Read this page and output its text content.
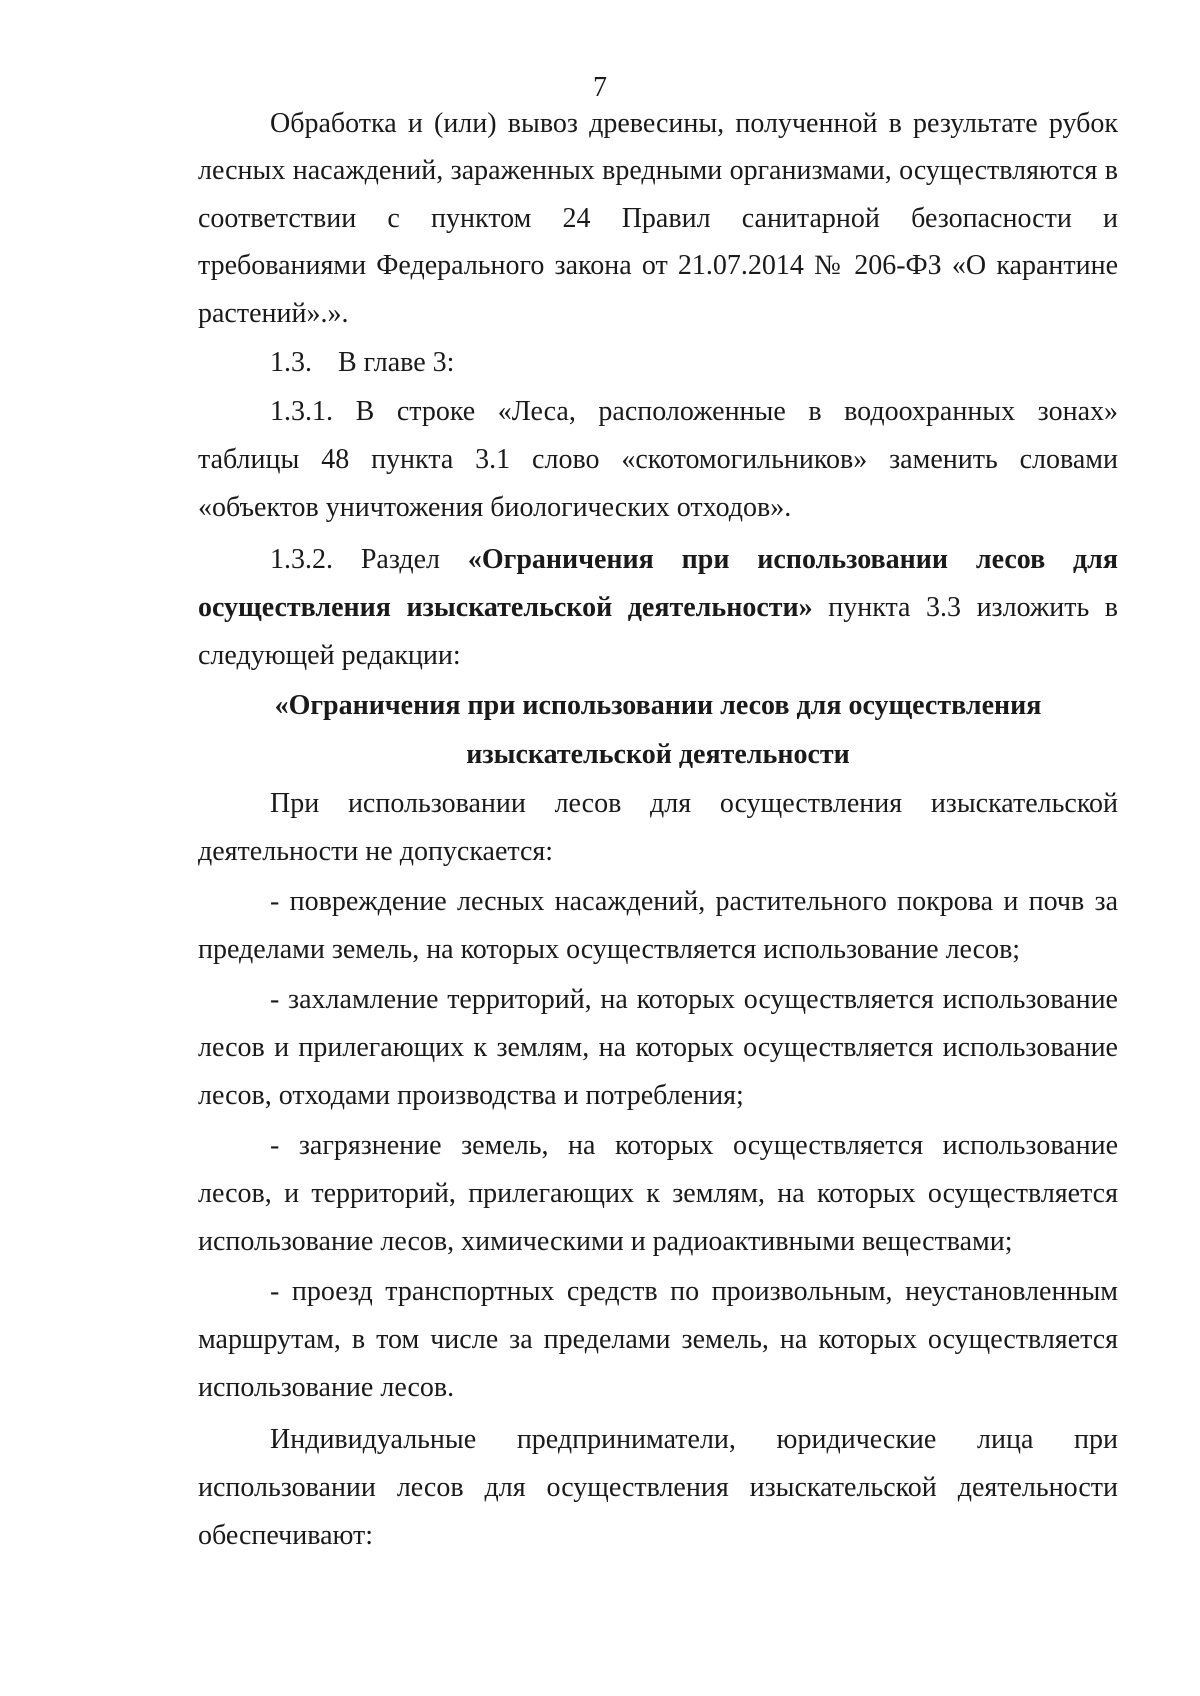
7
Обработка и (или) вывоз древесины, полученной в результате рубок
лесных насаждений, зараженных вредными организмами, осуществляются в
соответствии с пунктом 24 Правил санитарной безопасности и
требованиями Федерального закона от 21.07.2014 № 206-ФЗ «О карантине
растений».».
1.3. В главе 3:
1.3.1. В строке «Леса, расположенные в водоохранных зонах»
таблицы 48 пункта 3.1 слово «скотомогильников» заменить словами
«объектов уничтожения биологических отходов».
1.3.2. Раздел «Ограничения при использовании лесов для
осуществления изыскательской деятельности» пункта 3.3 изложить в
следующей редакции:
«Ограничения при использовании лесов для осуществления
изыскательской деятельности
При использовании лесов для осуществления изыскательской
деятельности не допускается:
- повреждение лесных насаждений, растительного покрова и почв за
пределами земель, на которых осуществляется использование лесов;
- захламление территорий, на которых осуществляется использование
лесов и прилегающих к землям, на которых осуществляется использование
лесов, отходами производства и потребления;
- загрязнение земель, на которых осуществляется использование
лесов, и территорий, прилегающих к землям, на которых осуществляется
использование лесов, химическими и радиоактивными веществами;
- проезд транспортных средств по произвольным, неустановленным
маршрутам, в том числе за пределами земель, на которых осуществляется
использование лесов.
Индивидуальные предприниматели, юридические лица при
использовании лесов для осуществления изыскательской деятельности
обеспечивают:
